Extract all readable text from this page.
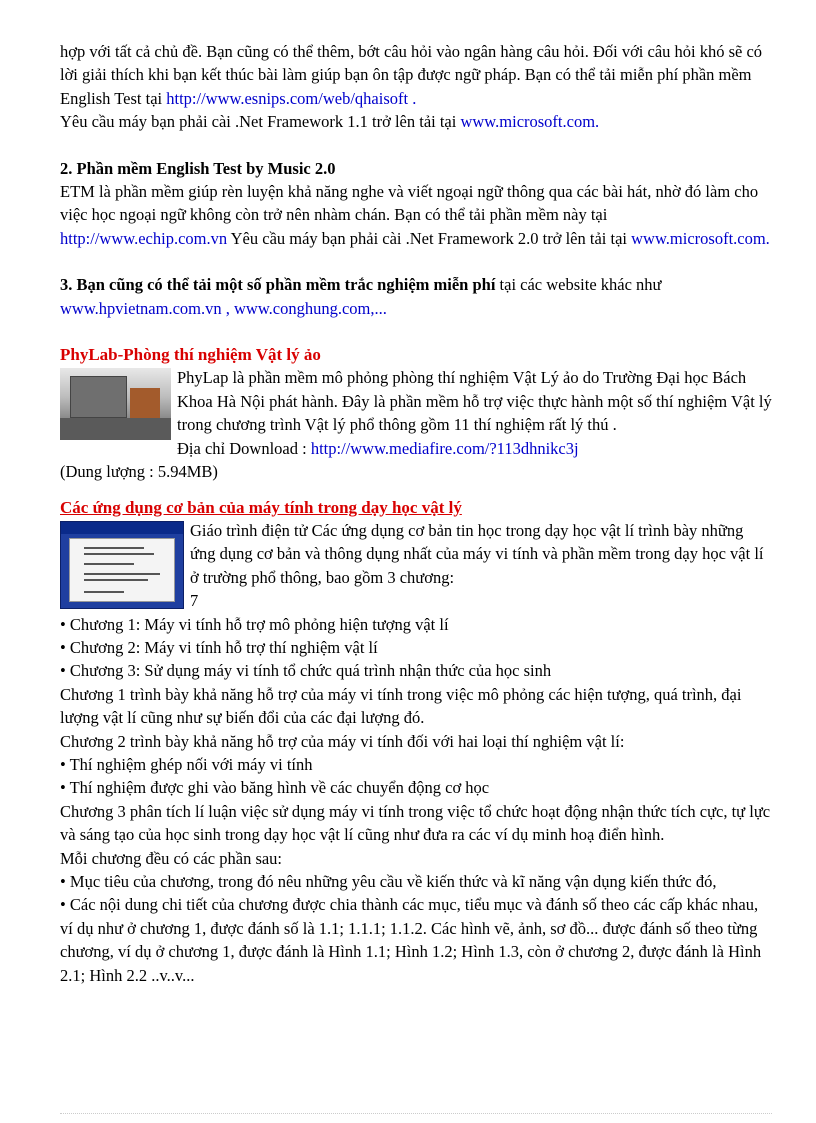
hợp với tất cả chủ đề. Bạn cũng có thể thêm, bớt câu hỏi vào ngân hàng câu hỏi. Đối với câu hỏi khó sẽ có lời giải thích khi bạn kết thúc bài làm giúp bạn ôn tập được ngữ pháp. Bạn có thể tải miễn phí phần mềm English Test tại http://www.esnips.com/web/qhaisoft .

Yêu cầu máy bạn phải cài .Net Framework 1.1 trở lên tải tại www.microsoft.com.

2. Phần mềm English Test by Music 2.0

ETM là phần mềm giúp rèn luyện khả năng nghe và viết ngoại ngữ thông qua các bài hát, nhờ đó làm cho việc học ngoại ngữ không còn trở nên nhàm chán. Bạn có thể tải phần mềm này tại http://www.echip.com.vn Yêu cầu máy bạn phải cài .Net Framework 2.0 trở lên tải tại www.microsoft.com.

3. Bạn cũng có thể tải một số phần mềm trắc nghiệm miễn phí tại các website khác như www.hpvietnam.com.vn , www.conghung.com,...

PhyLab-Phòng thí nghiệm Vật lý ảo

PhyLap là phần mềm mô phỏng phòng thí nghiệm Vật Lý ảo do Trường Đại học Bách Khoa Hà Nội phát hành. Đây là phần mềm hỗ trợ việc thực hành một số thí nghiệm Vật lý trong chương trình Vật lý phổ thông gồm 11 thí nghiệm rất lý thú .

Địa chỉ Download : http://www.mediafire.com/?113dhnikc3j

(Dung lượng : 5.94MB)

Các ứng dụng cơ bản của máy tính trong dạy học vật lý

Giáo trình điện tử Các ứng dụng cơ bản tin học trong dạy học vật lí trình bày những ứng dụng cơ bản và thông dụng nhất của máy vi tính và phần mềm trong dạy học vật lí ở trường phổ thông, bao gồm 3 chương:

7

• Chương 1: Máy vi tính hỗ trợ mô phỏng hiện tượng vật lí

• Chương 2: Máy vi tính hỗ trợ thí nghiệm vật lí

• Chương 3: Sử dụng máy vi tính tổ chức quá trình nhận thức của học sinh

Chương 1 trình bày khả năng hỗ trợ của máy vi tính trong việc mô phỏng các hiện tượng, quá trình, đại lượng vật lí cũng như sự biến đổi của các đại lượng đó.

Chương 2 trình bày khả năng hỗ trợ của máy vi tính đối với hai loại thí nghiệm vật lí:

• Thí nghiệm ghép nối với máy vi tính

• Thí nghiệm được ghi vào băng hình về các chuyển động cơ học

Chương 3 phân tích lí luận việc sử dụng máy vi tính trong việc tổ chức hoạt động nhận thức tích cực, tự lực và sáng tạo của học sinh trong dạy học vật lí cũng như đưa ra các ví dụ minh hoạ điển hình.

Mỗi chương đều có các phần sau:

• Mục tiêu của chương, trong đó nêu những yêu cầu về kiến thức và kĩ năng vận dụng kiến thức đó,

• Các nội dung chi tiết của chương được chia thành các mục, tiểu mục và đánh số theo các cấp khác nhau, ví dụ như ở chương 1, được đánh số là 1.1; 1.1.1; 1.1.2. Các hình vẽ, ảnh, sơ đồ... được đánh số theo từng chương, ví dụ ở chương 1, được đánh là Hình 1.1; Hình 1.2; Hình 1.3, còn ở chương 2, được đánh là Hình 2.1; Hình 2.2 ..v..v...
